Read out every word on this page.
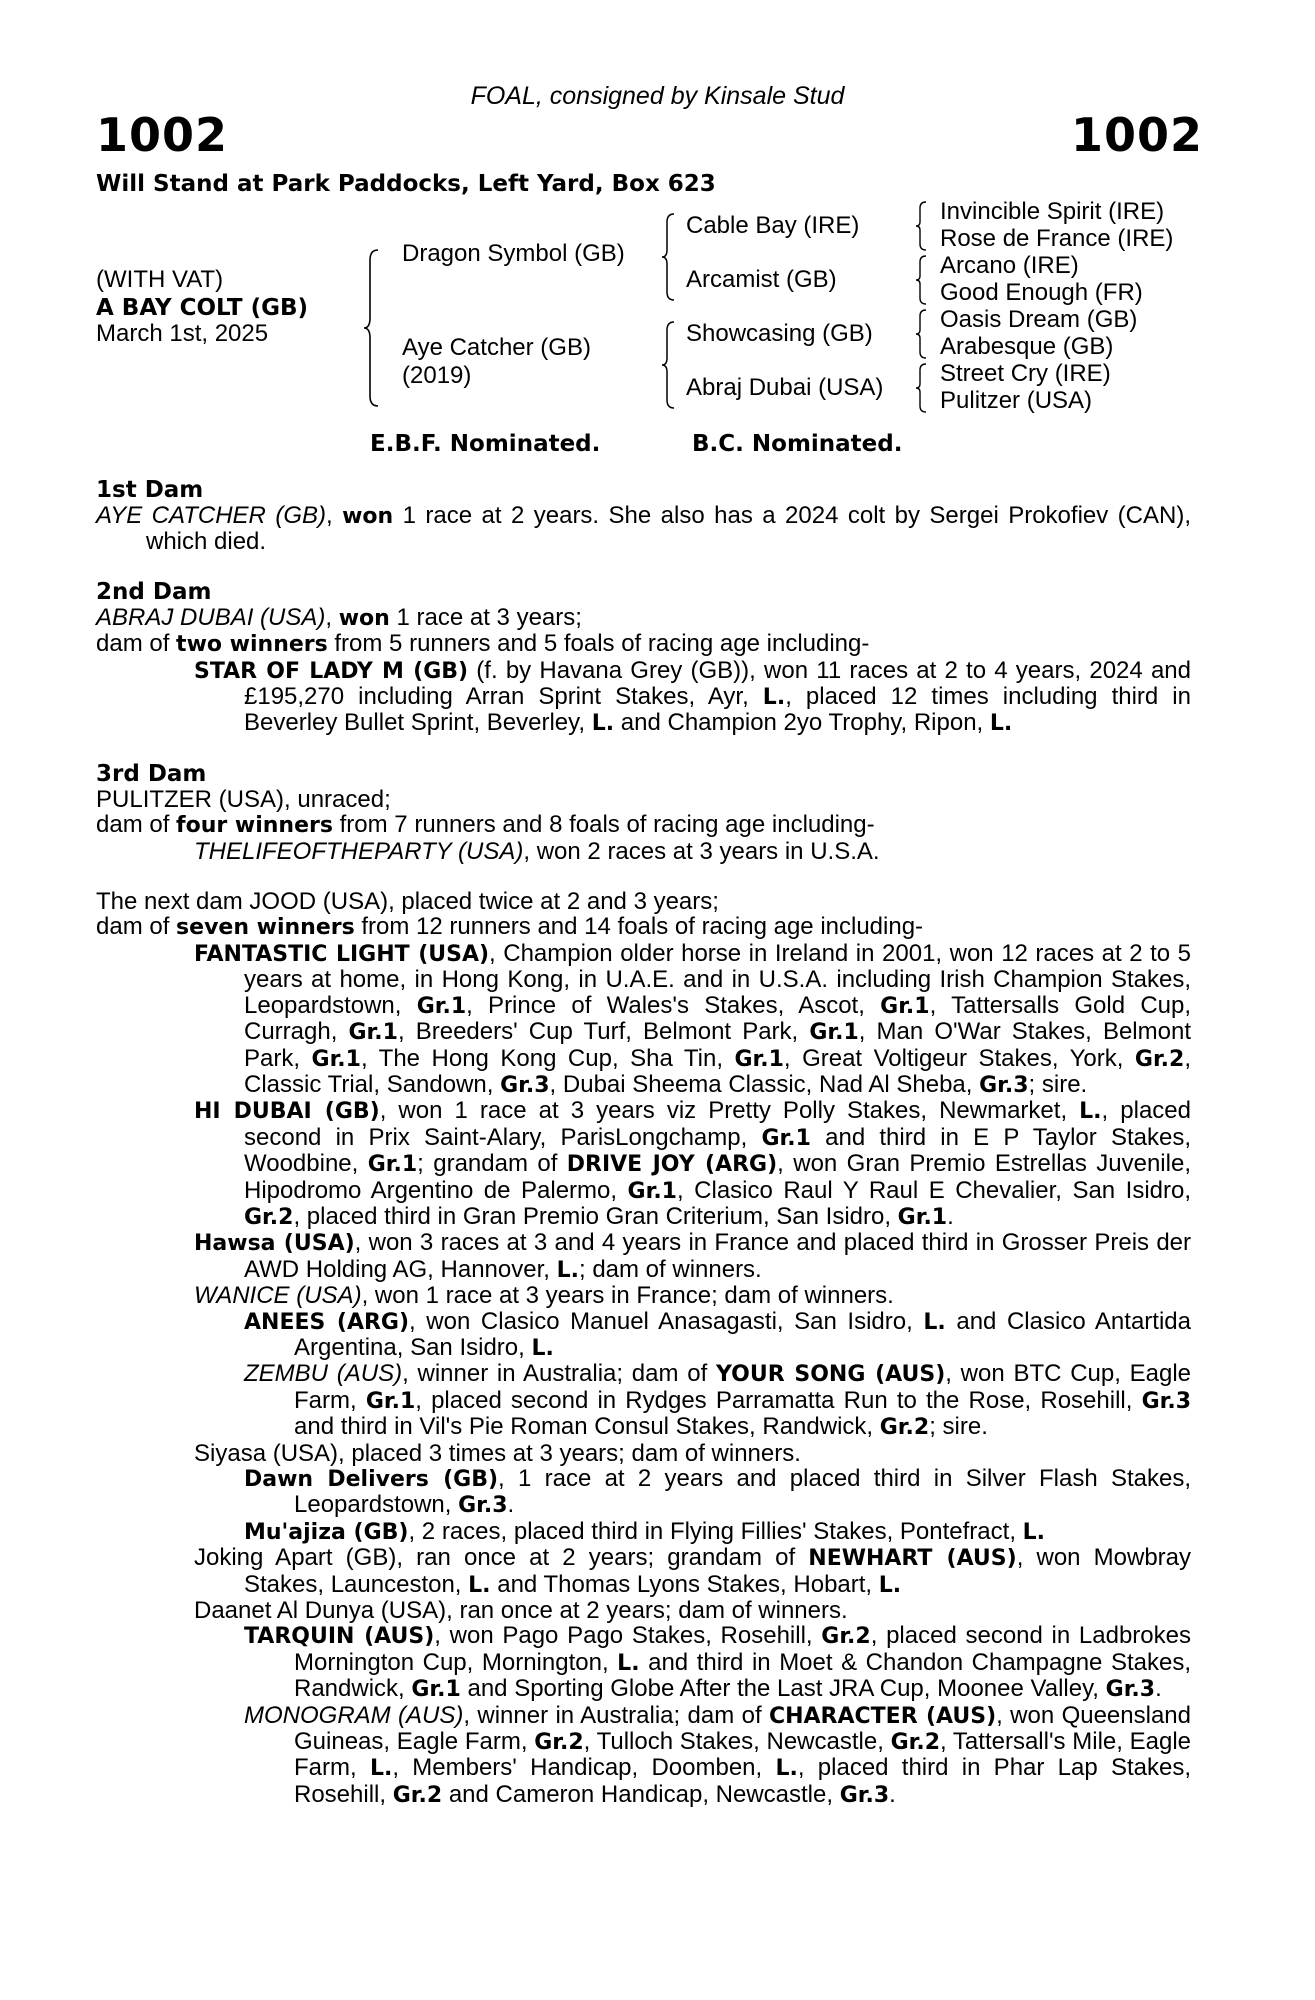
FOAL, consigned by Kinsale Stud
1002	1002
Will Stand at Park Paddocks, Left Yard, Box 623
(WITH VAT)
A BAY COLT (GB)
March 1st, 2025
Dragon Symbol (GB)
Aye Catcher (GB)
(2019)
Cable Bay (IRE)
Arcamist (GB)
Showcasing (GB)
Abraj Dubai (USA)
Invincible Spirit (IRE)
Rose de France (IRE)
Arcano (IRE)
Good Enough (FR)
Oasis Dream (GB)
Arabesque (GB)
Street Cry (IRE)
Pulitzer (USA)
E.B.F. Nominated.	B.C. Nominated.
1st Dam

AYE CATCHER (GB), won 1 race at 2 years. She also has a 2024 colt by Sergei Prokofiev (CAN), which died.

2nd Dam

ABRAJ DUBAI (USA), won 1 race at 3 years;

dam of two winners from 5 runners and 5 foals of racing age including-

STAR OF LADY M (GB) (f. by Havana Grey (GB)), won 11 races at 2 to 4 years, 2024 and £195,270 including Arran Sprint Stakes, Ayr, L., placed 12 times including third in Beverley Bullet Sprint, Beverley, L. and Champion 2yo Trophy, Ripon, L.

3rd Dam

PULITZER (USA), unraced;

dam of four winners from 7 runners and 8 foals of racing age including-

THELIFEOFTHEPARTY (USA), won 2 races at 3 years in U.S.A.

The next dam JOOD (USA), placed twice at 2 and 3 years;

dam of seven winners from 12 runners and 14 foals of racing age including-

FANTASTIC LIGHT (USA), Champion older horse in Ireland in 2001, won 12 races at 2 to 5 years at home, in Hong Kong, in U.A.E. and in U.S.A. including Irish Champion Stakes, Leopardstown, Gr.1, Prince of Wales's Stakes, Ascot, Gr.1, Tattersalls Gold Cup, Curragh, Gr.1, Breeders' Cup Turf, Belmont Park, Gr.1, Man O'War Stakes, Belmont Park, Gr.1, The Hong Kong Cup, Sha Tin, Gr.1, Great Voltigeur Stakes, York, Gr.2, Classic Trial, Sandown, Gr.3, Dubai Sheema Classic, Nad Al Sheba, Gr.3; sire.

HI DUBAI (GB), won 1 race at 3 years viz Pretty Polly Stakes, Newmarket, L., placed second in Prix Saint-Alary, ParisLongchamp, Gr.1 and third in E P Taylor Stakes, Woodbine, Gr.1; grandam of DRIVE JOY (ARG), won Gran Premio Estrellas Juvenile, Hipodromo Argentino de Palermo, Gr.1, Clasico Raul Y Raul E Chevalier, San Isidro, Gr.2, placed third in Gran Premio Gran Criterium, San Isidro, Gr.1.

Hawsa (USA), won 3 races at 3 and 4 years in France and placed third in Grosser Preis der AWD Holding AG, Hannover, L.; dam of winners.

WANICE (USA), won 1 race at 3 years in France; dam of winners.

ANEES (ARG), won Clasico Manuel Anasagasti, San Isidro, L. and Clasico Antartida Argentina, San Isidro, L.

ZEMBU (AUS), winner in Australia; dam of YOUR SONG (AUS), won BTC Cup, Eagle Farm, Gr.1, placed second in Rydges Parramatta Run to the Rose, Rosehill, Gr.3 and third in Vil's Pie Roman Consul Stakes, Randwick, Gr.2; sire.

Siyasa (USA), placed 3 times at 3 years; dam of winners.

Dawn Delivers (GB), 1 race at 2 years and placed third in Silver Flash Stakes, Leopardstown, Gr.3.

Mu'ajiza (GB), 2 races, placed third in Flying Fillies' Stakes, Pontefract, L.

Joking Apart (GB), ran once at 2 years; grandam of NEWHART (AUS), won Mowbray Stakes, Launceston, L. and Thomas Lyons Stakes, Hobart, L.

Daanet Al Dunya (USA), ran once at 2 years; dam of winners.

TARQUIN (AUS), won Pago Pago Stakes, Rosehill, Gr.2, placed second in Ladbrokes Mornington Cup, Mornington, L. and third in Moet & Chandon Champagne Stakes, Randwick, Gr.1 and Sporting Globe After the Last JRA Cup, Moonee Valley, Gr.3.

MONOGRAM (AUS), winner in Australia; dam of CHARACTER (AUS), won Queensland Guineas, Eagle Farm, Gr.2, Tulloch Stakes, Newcastle, Gr.2, Tattersall's Mile, Eagle Farm, L., Members' Handicap, Doomben, L., placed third in Phar Lap Stakes, Rosehill, Gr.2 and Cameron Handicap, Newcastle, Gr.3.
